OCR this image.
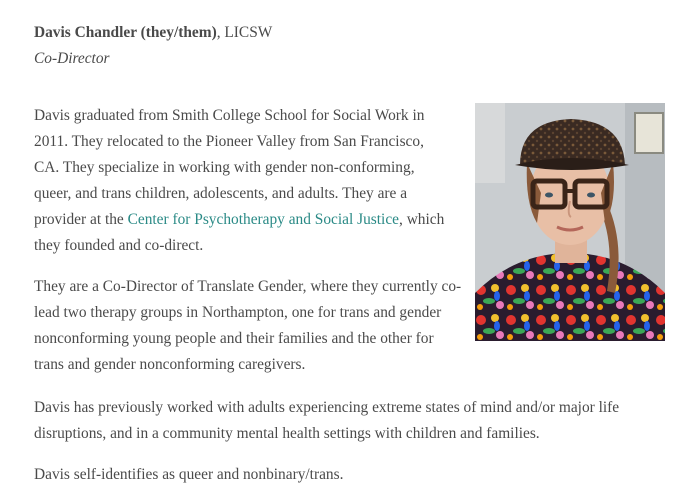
Davis Chandler (they/them), LICSW
Co-Director

Davis graduated from Smith College School for Social Work in 2011. They relocated to the Pioneer Valley from San Francisco, CA. They specialize in working with gender non-conforming, queer, and trans children, adolescents, and adults. They are a provider at the Center for Psychotherapy and Social Justice, which they founded and co-direct.

They are a Co-Director of Translate Gender, where they currently co-lead two therapy groups in Northampton, one for trans and gender nonconforming young people and their families and the other for trans and gender nonconforming caregivers.

Davis has previously worked with adults experiencing extreme states of mind and/or major life disruptions, and in a community mental health settings with children and families.

Davis self-identifies as queer and nonbinary/trans.
